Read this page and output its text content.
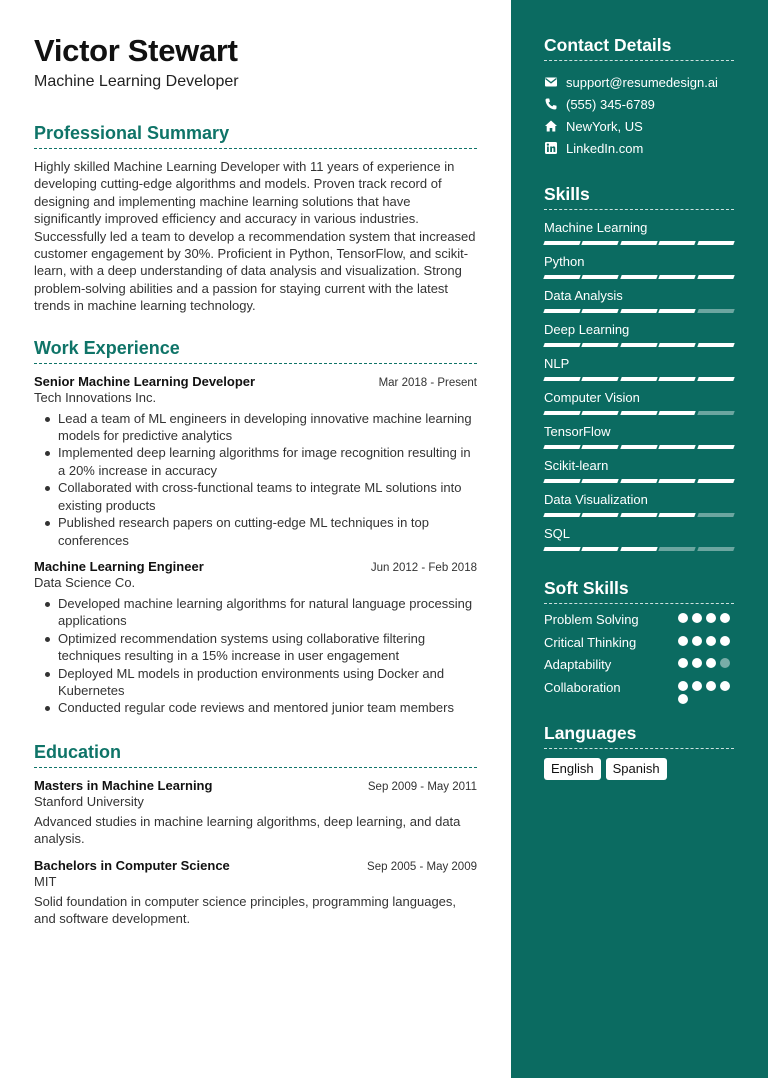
Victor Stewart
Machine Learning Developer
Professional Summary

Highly skilled Machine Learning Developer with 11 years of experience in developing cutting-edge algorithms and models. Proven track record of designing and implementing machine learning solutions that have significantly improved efficiency and accuracy in various industries. Successfully led a team to develop a recommendation system that increased customer engagement by 30%. Proficient in Python, TensorFlow, and scikit-learn, with a deep understanding of data analysis and visualization. Strong problem-solving abilities and a passion for staying current with the latest trends in machine learning technology.

Work Experience
Senior Machine Learning Developer	Mar 2018 - Present
Tech Innovations Inc.
Lead a team of ML engineers in developing innovative machine learning models for predictive analytics
Implemented deep learning algorithms for image recognition resulting in a 20% increase in accuracy
Collaborated with cross-functional teams to integrate ML solutions into existing products
Published research papers on cutting-edge ML techniques in top conferences
Machine Learning Engineer	Jun 2012 - Feb 2018
Data Science Co.
Developed machine learning algorithms for natural language processing applications
Optimized recommendation systems using collaborative filtering techniques resulting in a 15% increase in user engagement
Deployed ML models in production environments using Docker and Kubernetes
Conducted regular code reviews and mentored junior team members
Education
Masters in Machine Learning	Sep 2009 - May 2011
Stanford University

Advanced studies in machine learning algorithms, deep learning, and data analysis.

Bachelors in Computer Science	Sep 2005 - May 2009
MIT

Solid foundation in computer science principles, programming languages, and software development.

Contact Details
support@resumedesign.ai
(555) 345-6789
NewYork, US
LinkedIn.com
Skills
Machine Learning
Python
Data Analysis
Deep Learning
NLP
Computer Vision
TensorFlow
Scikit-learn
Data Visualization
SQL
Soft Skills
Problem Solving
Critical Thinking
Adaptability
Collaboration
Languages
English	Spanish
